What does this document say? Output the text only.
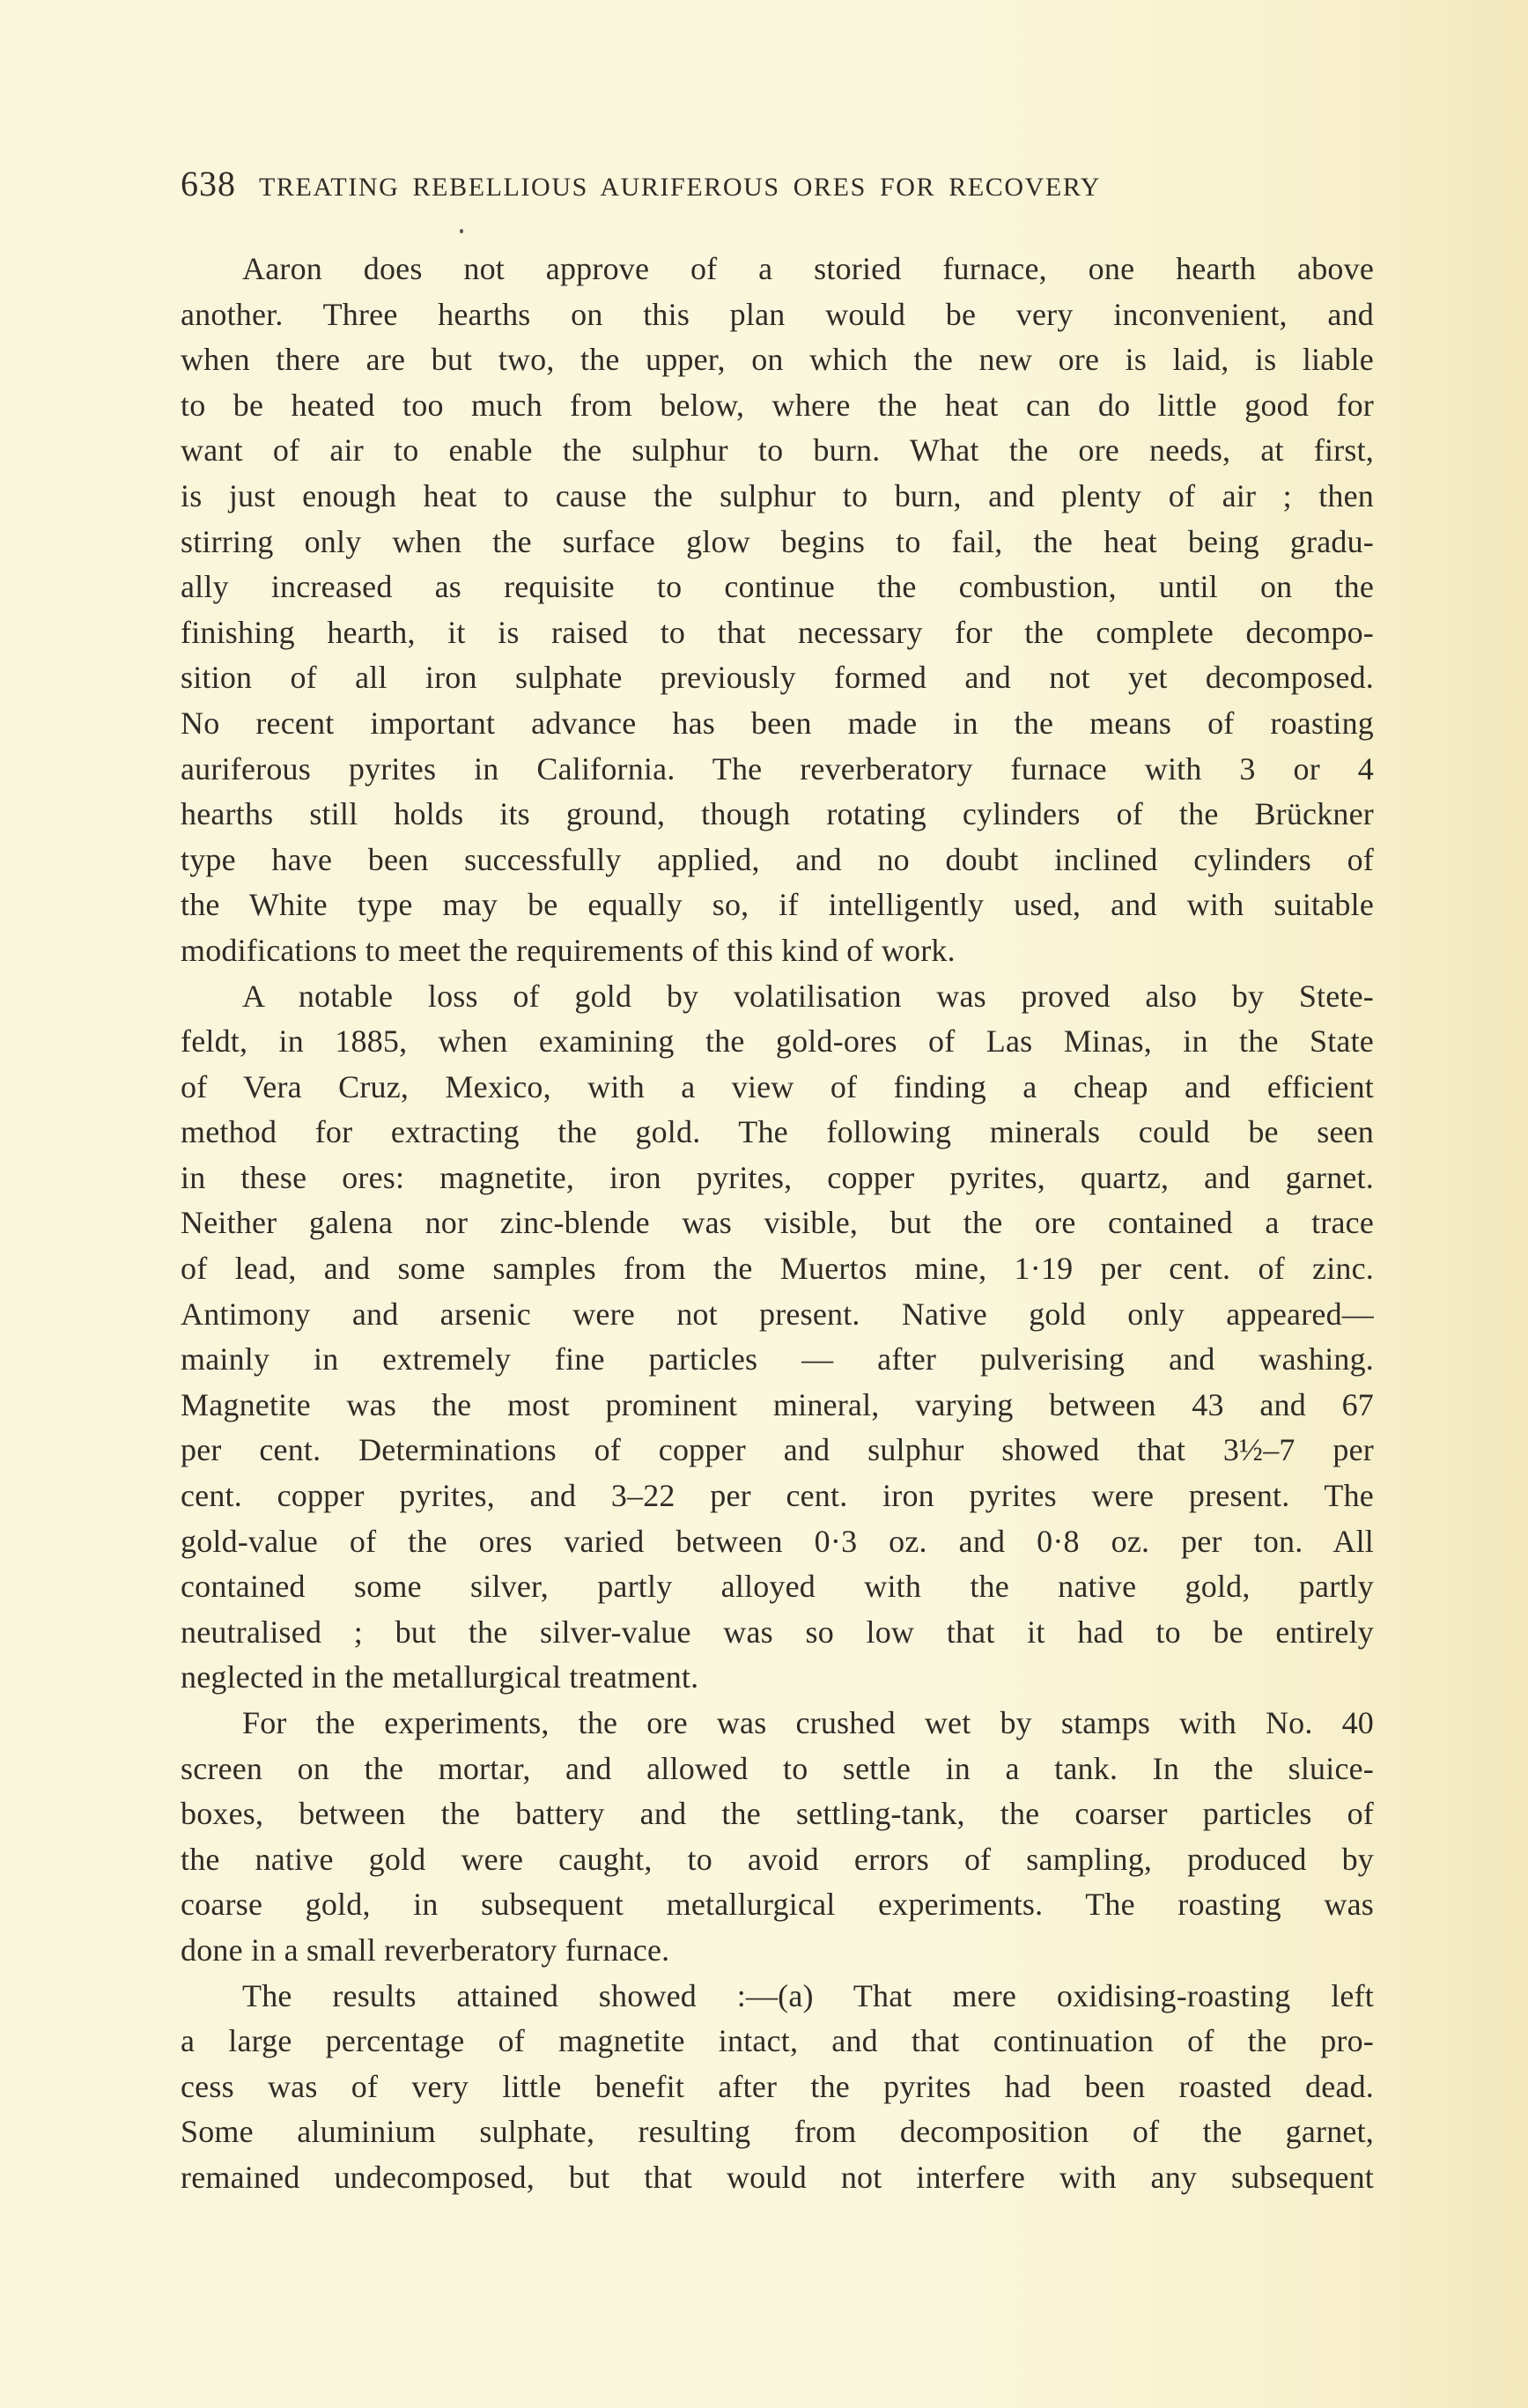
638 TREATING REBELLIOUS AURIFEROUS ORES FOR RECOVERY
Aaron does not approve of a storied furnace, one hearth above
another. Three hearths on this plan would be very inconvenient, and
when there are but two, the upper, on which the new ore is laid, is liable
to be heated too much from below, where the heat can do little good for
want of air to enable the sulphur to burn. What the ore needs, at first,
is just enough heat to cause the sulphur to burn, and plenty of air ; then
stirring only when the surface glow begins to fail, the heat being gradu-
ally increased as requisite to continue the combustion, until on the
finishing hearth, it is raised to that necessary for the complete decompo-
sition of all iron sulphate previously formed and not yet decomposed.
No recent important advance has been made in the means of roasting
auriferous pyrites in California. The reverberatory furnace with 3 or 4
hearths still holds its ground, though rotating cylinders of the Brückner
type have been successfully applied, and no doubt inclined cylinders of
the White type may be equally so, if intelligently used, and with suitable
modifications to meet the requirements of this kind of work.
A notable loss of gold by volatilisation was proved also by Stete-
feldt, in 1885, when examining the gold-ores of Las Minas, in the State
of Vera Cruz, Mexico, with a view of finding a cheap and efficient
method for extracting the gold. The following minerals could be seen
in these ores: magnetite, iron pyrites, copper pyrites, quartz, and garnet.
Neither galena nor zinc-blende was visible, but the ore contained a trace
of lead, and some samples from the Muertos mine, 1·19 per cent. of zinc.
Antimony and arsenic were not present. Native gold only appeared—
mainly in extremely fine particles — after pulverising and washing.
Magnetite was the most prominent mineral, varying between 43 and 67
per cent. Determinations of copper and sulphur showed that 3½–7 per
cent. copper pyrites, and 3–22 per cent. iron pyrites were present. The
gold-value of the ores varied between 0·3 oz. and 0·8 oz. per ton. All
contained some silver, partly alloyed with the native gold, partly
neutralised ; but the silver-value was so low that it had to be entirely
neglected in the metallurgical treatment.
For the experiments, the ore was crushed wet by stamps with No. 40
screen on the mortar, and allowed to settle in a tank. In the sluice-
boxes, between the battery and the settling-tank, the coarser particles of
the native gold were caught, to avoid errors of sampling, produced by
coarse gold, in subsequent metallurgical experiments. The roasting was
done in a small reverberatory furnace.
The results attained showed :—(a) That mere oxidising-roasting left
a large percentage of magnetite intact, and that continuation of the pro-
cess was of very little benefit after the pyrites had been roasted dead.
Some aluminium sulphate, resulting from decomposition of the garnet,
remained undecomposed, but that would not interfere with any subsequent
